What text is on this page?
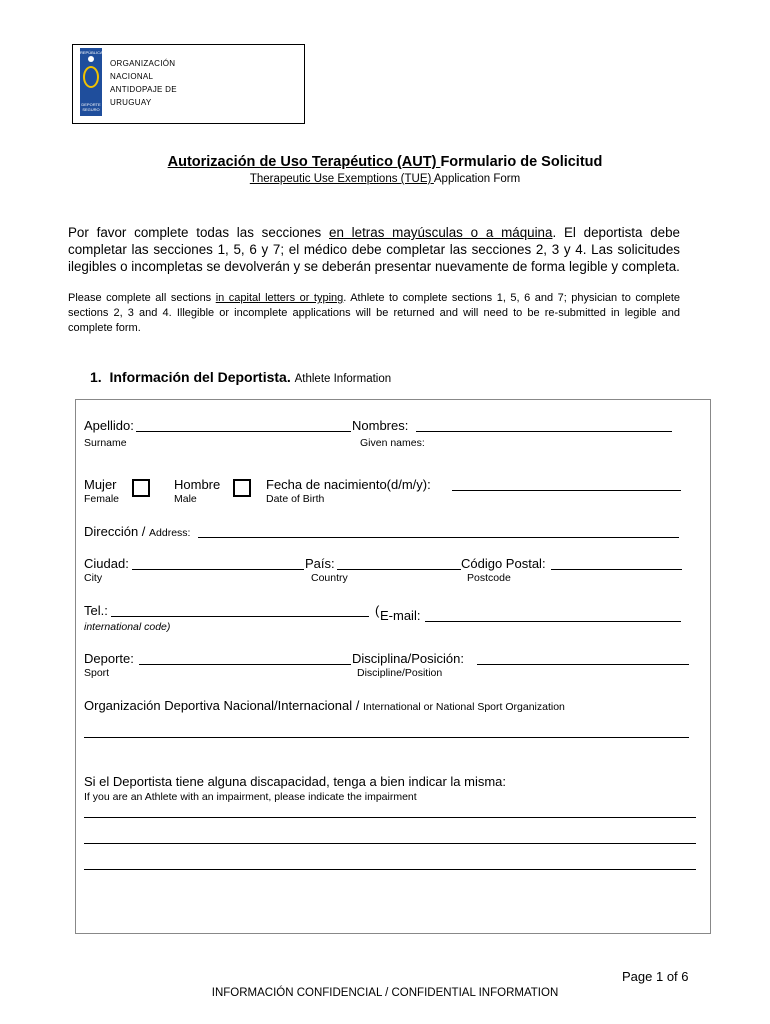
REPÚBLICA
DEPORTE SEGURO
ORGANIZACIÓN
NACIONAL
ANTIDOPAJE DE
URUGUAY
Autorización de Uso Terapéutico (AUT) Formulario de Solicitud
Therapeutic Use Exemptions (TUE) Application Form
Por favor complete todas las secciones en letras mayúsculas o a máquina. El deportista debe completar las secciones 1, 5, 6 y 7; el médico debe completar las secciones 2, 3 y 4. Las solicitudes ilegibles o incompletas se devolverán y se deberán presentar nuevamente de forma legible y completa.
Please complete all sections in capital letters or typing. Athlete to complete sections 1, 5, 6 and 7; physician to complete sections 2, 3 and 4. Illegible or incomplete applications will be returned and will need to be re-submitted in legible and complete form.
1. Información del Deportista. Athlete Information
Apellido:
Surname
Nombres:
Given names:
Mujer
Female
Hombre
Male
Fecha de nacimiento(d/m/y):
Date of Birth
Dirección / Address:
Ciudad:
City
País:
Country
Código Postal:
Postcode
Tel.:	(
international code)
E-mail:
Deporte:
Sport
Disciplina/Posición:
Discipline/Position
Organización Deportiva Nacional/Internacional / International or National Sport Organization
Si el Deportista tiene alguna discapacidad, tenga a bien indicar la misma:
If you are an Athlete with an impairment, please indicate the impairment
Page 1 of 6
INFORMACIÓN CONFIDENCIAL / CONFIDENTIAL INFORMATION
